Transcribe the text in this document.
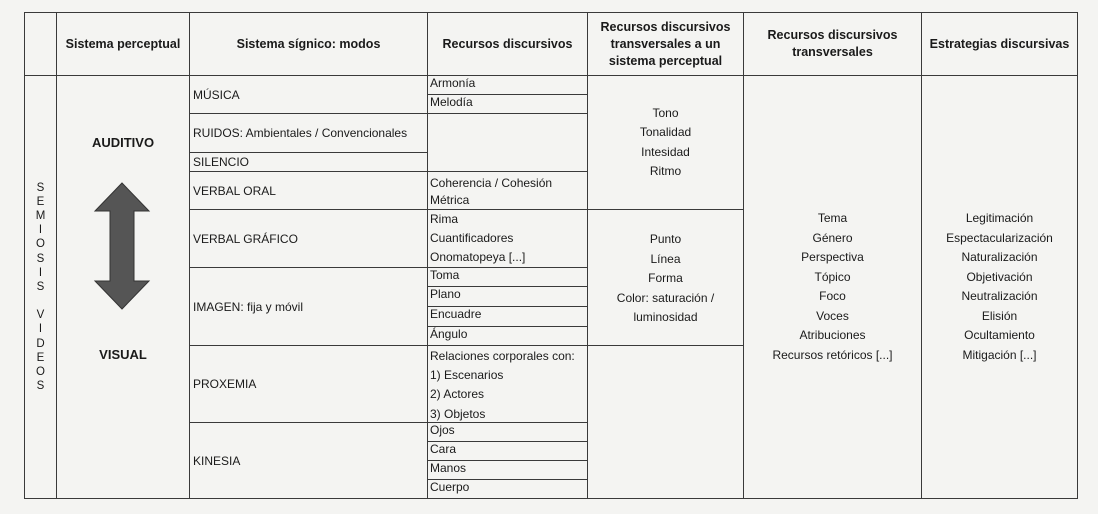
Sistema perceptual	Sistema sígnico: modos	Recursos discursivos
Recursos discursivos transversales a un sistema perceptual
Recursos discursivos transversales
Estrategias discursivas
S
E
M
I
O
S
I
S
V
I
D
E
O
S
AUDITIVO
VISUAL
MÚSICA
RUIDOS: Ambientales / Convencionales
SILENCIO
VERBAL ORAL
VERBAL GRÁFICO
IMAGEN: fija y móvil
PROXEMIA
KINESIA
Armonía
Melodía
Coherencia / Cohesión
Métrica
Rima
Cuantificadores
Onomatopeya [...]
Toma
Plano
Encuadre
Ángulo
Relaciones corporales con:
1) Escenarios
2) Actores
3) Objetos
Ojos
Cara
Manos
Cuerpo
Tono
Tonalidad
Intesidad
Ritmo
Punto
Línea
Forma
Color: saturación /
luminosidad
Tema
Género
Perspectiva
Tópico
Foco
Voces
Atribuciones
Recursos retóricos [...]
Legitimación
Espectacularización
Naturalización
Objetivación
Neutralización
Elisión
Ocultamiento
Mitigación [...]
